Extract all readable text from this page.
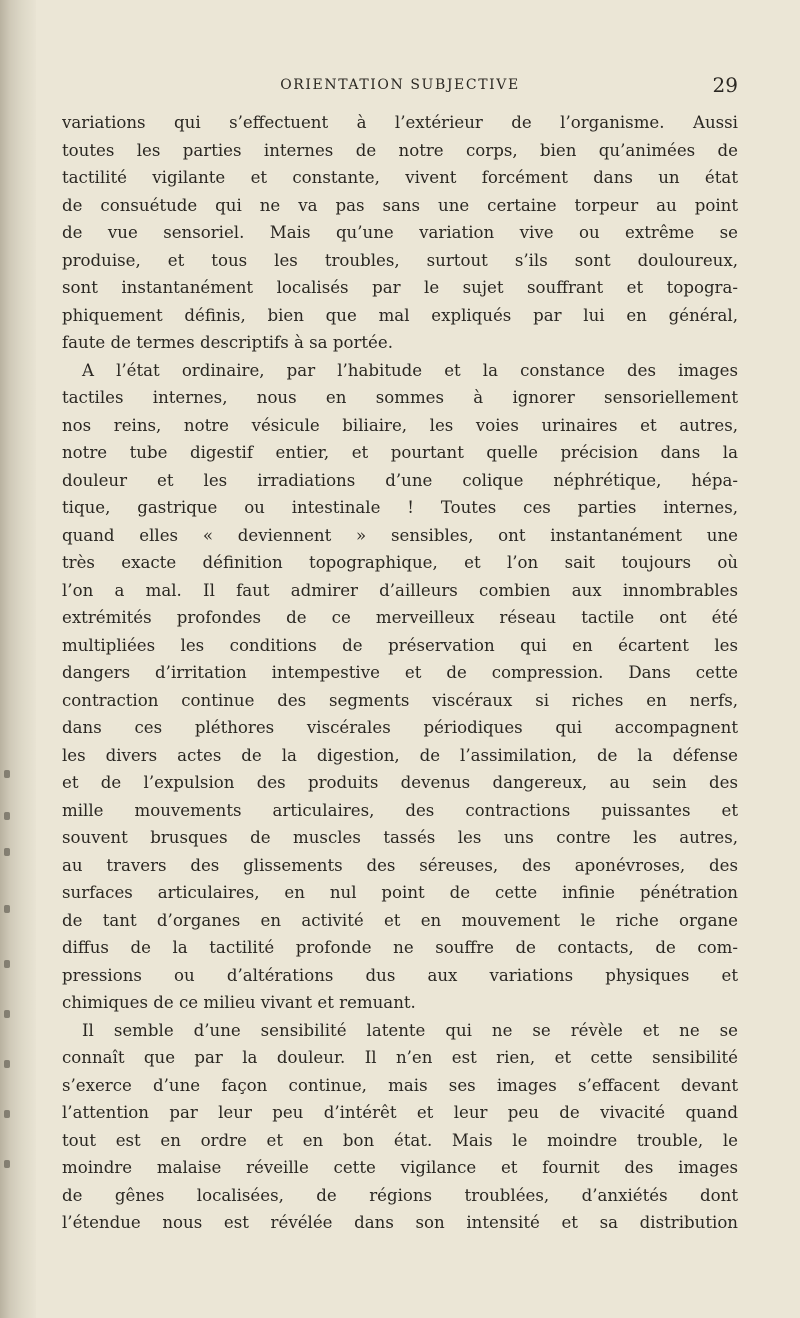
ORIENTATION SUBJECTIVE	29
variations qui s’effectuent à l’extérieur de l’organisme. Aussi
toutes les parties internes de notre corps, bien qu’animées de
tactilité vigilante et constante, vivent forcément dans un état
de consuétude qui ne va pas sans une certaine torpeur au point
de vue sensoriel. Mais qu’une variation vive ou extrême se
produise, et tous les troubles, surtout s’ils sont douloureux,
sont instantanément localisés par le sujet souffrant et topogra-
phiquement définis, bien que mal expliqués par lui en général,
faute de termes descriptifs à sa portée.
A l’état ordinaire, par l’habitude et la constance des images
tactiles internes, nous en sommes à ignorer sensoriellement
nos reins, notre vésicule biliaire, les voies urinaires et autres,
notre tube digestif entier, et pourtant quelle précision dans la
douleur et les irradiations d’une colique néphrétique, hépa-
tique, gastrique ou intestinale ! Toutes ces parties internes,
quand elles « deviennent » sensibles, ont instantanément une
très exacte définition topographique, et l’on sait toujours où
l’on a mal. Il faut admirer d’ailleurs combien aux innombrables
extrémités profondes de ce merveilleux réseau tactile ont été
multipliées les conditions de préservation qui en écartent les
dangers d’irritation intempestive et de compression. Dans cette
contraction continue des segments viscéraux si riches en nerfs,
dans ces pléthores viscérales périodiques qui accompagnent
les divers actes de la digestion, de l’assimilation, de la défense
et de l’expulsion des produits devenus dangereux, au sein des
mille mouvements articulaires, des contractions puissantes et
souvent brusques de muscles tassés les uns contre les autres,
au travers des glissements des séreuses, des aponévroses, des
surfaces articulaires, en nul point de cette infinie pénétration
de tant d’organes en activité et en mouvement le riche organe
diffus de la tactilité profonde ne souffre de contacts, de com-
pressions ou d’altérations dus aux variations physiques et
chimiques de ce milieu vivant et remuant.
Il semble d’une sensibilité latente qui ne se révèle et ne se
connaît que par la douleur. Il n’en est rien, et cette sensibilité
s’exerce d’une façon continue, mais ses images s’effacent devant
l’attention par leur peu d’intérêt et leur peu de vivacité quand
tout est en ordre et en bon état. Mais le moindre trouble, le
moindre malaise réveille cette vigilance et fournit des images
de gênes localisées, de régions troublées, d’anxiétés dont
l’étendue nous est révélée dans son intensité et sa distribution
